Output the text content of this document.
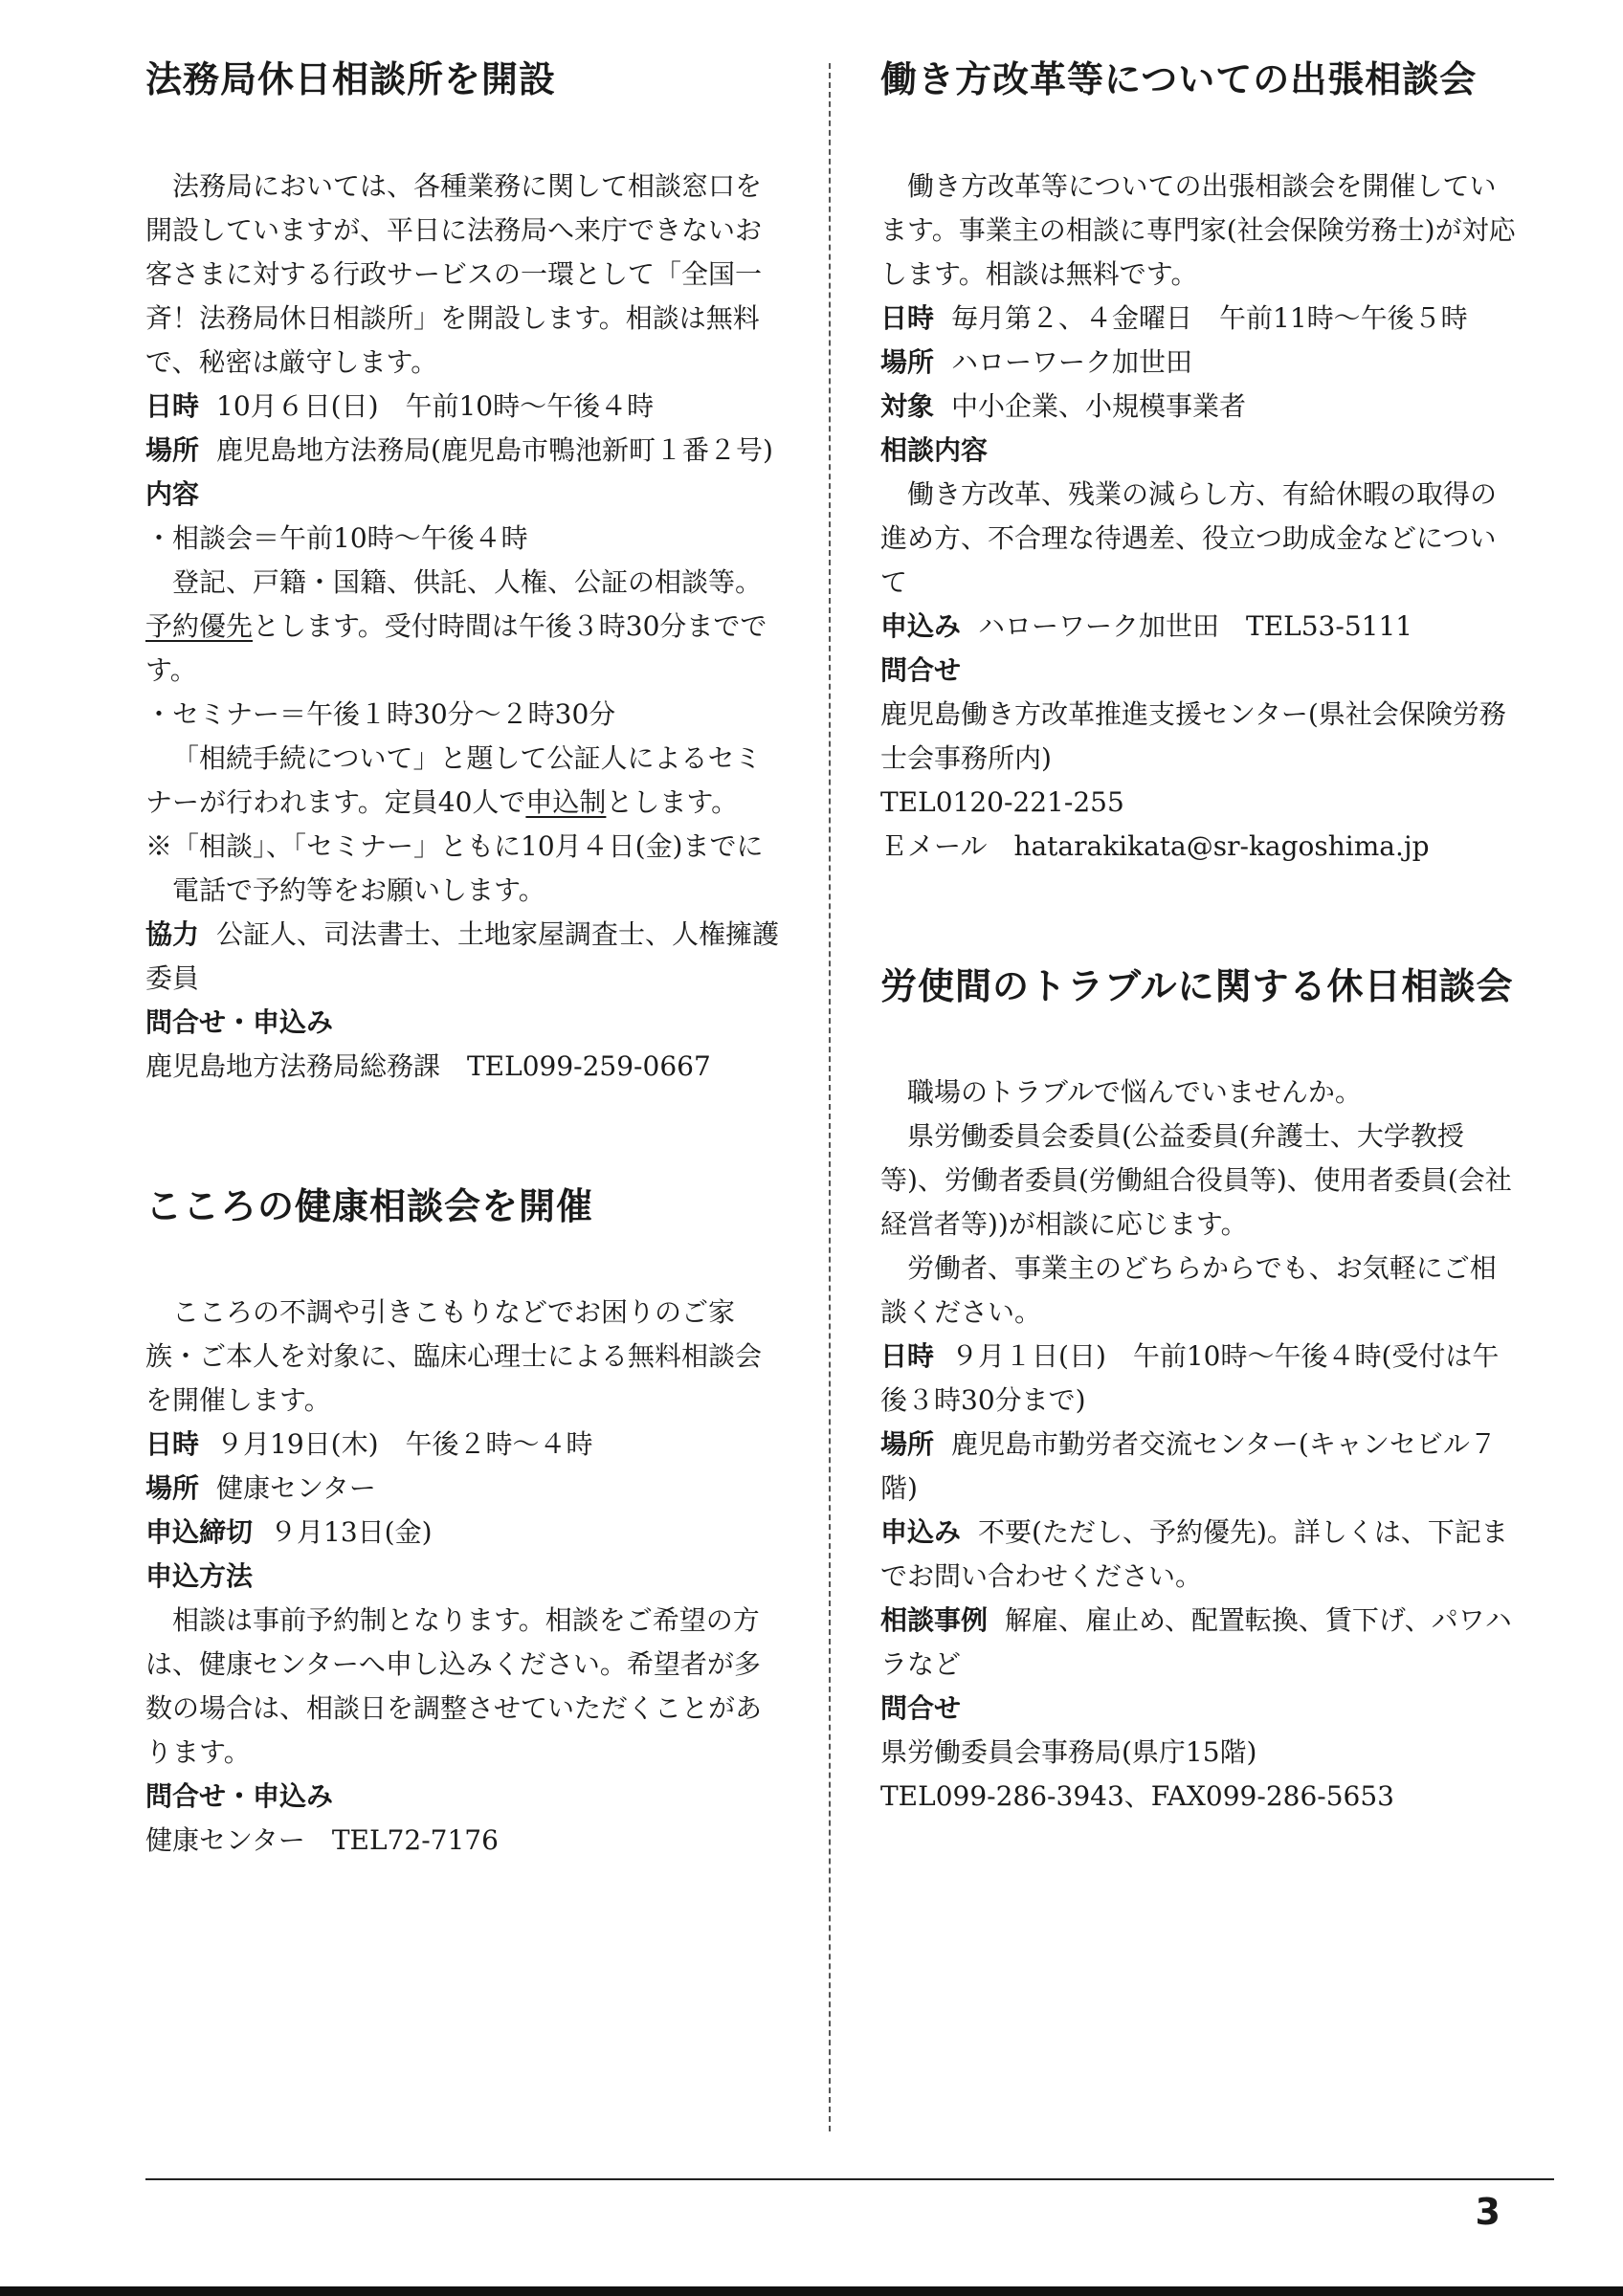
法務局休日相談所を開設

法務局においては、各種業務に関して相談窓口を開設していますが、平日に法務局へ来庁できないお客さまに対する行政サービスの一環として「全国一斉！法務局休日相談所」を開設します。相談は無料で、秘密は厳守します。

日時 10月６日(日)　午前10時〜午後４時

場所 鹿児島地方法務局(鹿児島市鴨池新町１番２号)

内容

・相談会＝午前10時〜午後４時

登記、戸籍・国籍、供託、人権、公証の相談等。予約優先とします。受付時間は午後３時30分までです。

・セミナー＝午後１時30分〜２時30分

「相続手続について」と題して公証人によるセミナーが行われます。定員40人で申込制とします。

※「相談」、「セミナー」ともに10月４日(金)までに電話で予約等をお願いします。

協力 公証人、司法書士、土地家屋調査士、人権擁護委員

問合せ・申込み

鹿児島地方法務局総務課　TEL099-259-0667

こころの健康相談会を開催

こころの不調や引きこもりなどでお困りのご家族・ご本人を対象に、臨床心理士による無料相談会を開催します。

日時 ９月19日(木)　午後２時〜４時

場所 健康センター

申込締切 ９月13日(金)

申込方法

相談は事前予約制となります。相談をご希望の方は、健康センターへ申し込みください。希望者が多数の場合は、相談日を調整させていただくことがあります。

問合せ・申込み

健康センター　TEL72-7176

働き方改革等についての出張相談会

働き方改革等についての出張相談会を開催しています。事業主の相談に専門家(社会保険労務士)が対応します。相談は無料です。

日時 毎月第２、４金曜日　午前11時〜午後５時

場所 ハローワーク加世田

対象 中小企業、小規模事業者

相談内容

働き方改革、残業の減らし方、有給休暇の取得の進め方、不合理な待遇差、役立つ助成金などについて

申込み ハローワーク加世田　TEL53-5111

問合せ

鹿児島働き方改革推進支援センター(県社会保険労務士会事務所内)

TEL0120-221-255

Ｅメール hatarakikata@sr-kagoshima.jp

労使間のトラブルに関する休日相談会

職場のトラブルで悩んでいませんか。

県労働委員会委員(公益委員(弁護士、大学教授等)、労働者委員(労働組合役員等)、使用者委員(会社経営者等))が相談に応じます。

労働者、事業主のどちらからでも、お気軽にご相談ください。

日時 ９月１日(日)　午前10時〜午後４時(受付は午後３時30分まで)

場所 鹿児島市勤労者交流センター(キャンセビル７階)

申込み 不要(ただし、予約優先)。詳しくは、下記までお問い合わせください。

相談事例 解雇、雇止め、配置転換、賃下げ、パワハラなど

問合せ

県労働委員会事務局(県庁15階)

TEL099-286-3943、FAX099-286-5653

3
